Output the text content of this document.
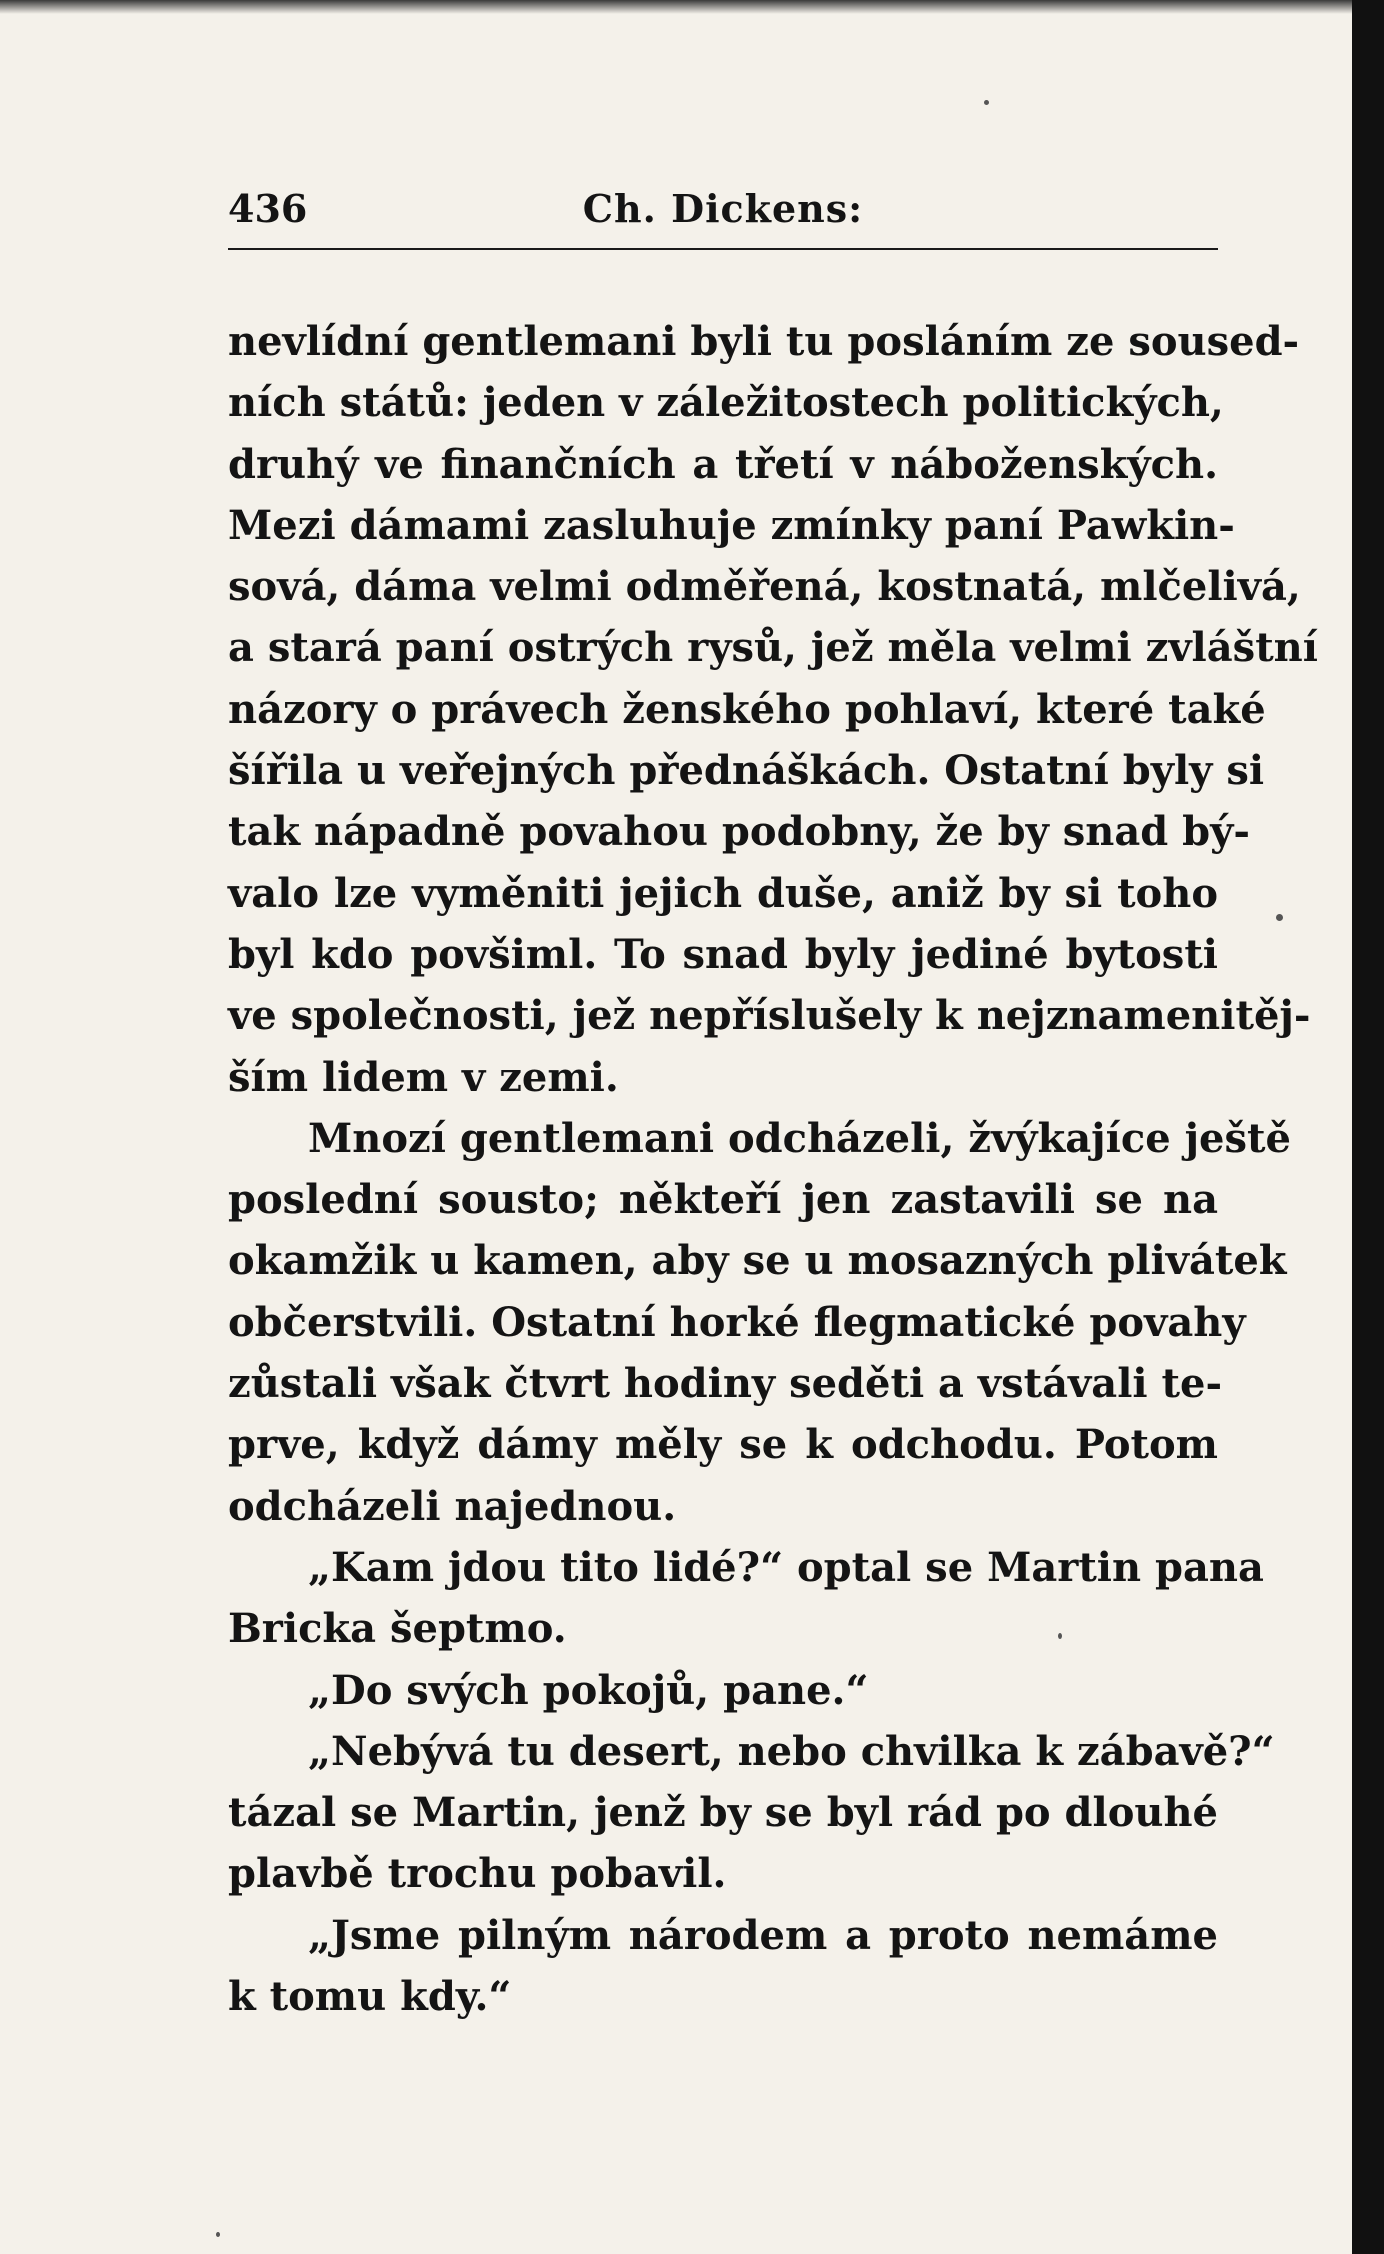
436	Ch. Dickens:
nevlídní gentlemani byli tu posláním ze soused-
ních států: jeden v záležitostech politických,
druhý ve finančních a třetí v náboženských.
Mezi dámami zasluhuje zmínky paní Pawkin-
sová, dáma velmi odměřená, kostnatá, mlčelivá,
a stará paní ostrých rysů, jež měla velmi zvláštní
názory o právech ženského pohlaví, které také
šířila u veřejných přednáškách. Ostatní byly si
tak nápadně povahou podobny, že by snad bý-
valo lze vyměniti jejich duše, aniž by si toho
byl kdo povšiml. To snad byly jediné bytosti
ve společnosti, jež nepříslušely k nejznamenitěj-
ším lidem v zemi.
Mnozí gentlemani odcházeli, žvýkajíce ještě
poslední sousto; někteří jen zastavili se na
okamžik u kamen, aby se u mosazných plivátek
občerstvili. Ostatní horké flegmatické povahy
zůstali však čtvrt hodiny seděti a vstávali te-
prve, když dámy měly se k odchodu. Potom
odcházeli najednou.
„Kam jdou tito lidé?“ optal se Martin pana
Bricka šeptmo.
„Do svých pokojů, pane.“
„Nebývá tu desert, nebo chvilka k zábavě?“
tázal se Martin, jenž by se byl rád po dlouhé
plavbě trochu pobavil.
„Jsme pilným národem a proto nemáme
k tomu kdy.“
